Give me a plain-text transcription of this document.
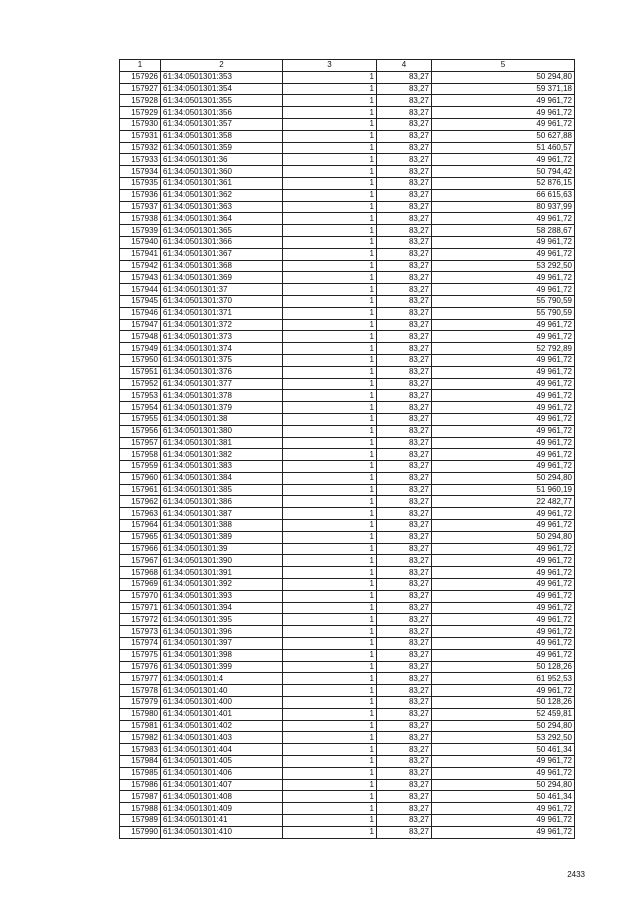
1	2	3	4	5
157926	61:34:0501301:353	1	83,27	50 294,80
157927	61:34:0501301:354	1	83,27	59 371,18
157928	61:34:0501301:355	1	83,27	49 961,72
157929	61:34:0501301:356	1	83,27	49 961,72
157930	61:34:0501301:357	1	83,27	49 961,72
157931	61:34:0501301:358	1	83,27	50 627,88
157932	61:34:0501301:359	1	83,27	51 460,57
157933	61:34:0501301:36	1	83,27	49 961,72
157934	61:34:0501301:360	1	83,27	50 794,42
157935	61:34:0501301:361	1	83,27	52 876,15
157936	61:34:0501301:362	1	83,27	66 615,63
157937	61:34:0501301:363	1	83,27	80 937,99
157938	61:34:0501301:364	1	83,27	49 961,72
157939	61:34:0501301:365	1	83,27	58 288,67
157940	61:34:0501301:366	1	83,27	49 961,72
157941	61:34:0501301:367	1	83,27	49 961,72
157942	61:34:0501301:368	1	83,27	53 292,50
157943	61:34:0501301:369	1	83,27	49 961,72
157944	61:34:0501301:37	1	83,27	49 961,72
157945	61:34:0501301:370	1	83,27	55 790,59
157946	61:34:0501301:371	1	83,27	55 790,59
157947	61:34:0501301:372	1	83,27	49 961,72
157948	61:34:0501301:373	1	83,27	49 961,72
157949	61:34:0501301:374	1	83,27	52 792,89
157950	61:34:0501301:375	1	83,27	49 961,72
157951	61:34:0501301:376	1	83,27	49 961,72
157952	61:34:0501301:377	1	83,27	49 961,72
157953	61:34:0501301:378	1	83,27	49 961,72
157954	61:34:0501301:379	1	83,27	49 961,72
157955	61:34:0501301:38	1	83,27	49 961,72
157956	61:34:0501301:380	1	83,27	49 961,72
157957	61:34:0501301:381	1	83,27	49 961,72
157958	61:34:0501301:382	1	83,27	49 961,72
157959	61:34:0501301:383	1	83,27	49 961,72
157960	61:34:0501301:384	1	83,27	50 294,80
157961	61:34:0501301:385	1	83,27	51 960,19
157962	61:34:0501301:386	1	83,27	22 482,77
157963	61:34:0501301:387	1	83,27	49 961,72
157964	61:34:0501301:388	1	83,27	49 961,72
157965	61:34:0501301:389	1	83,27	50 294,80
157966	61:34:0501301:39	1	83,27	49 961,72
157967	61:34:0501301:390	1	83,27	49 961,72
157968	61:34:0501301:391	1	83,27	49 961,72
157969	61:34:0501301:392	1	83,27	49 961,72
157970	61:34:0501301:393	1	83,27	49 961,72
157971	61:34:0501301:394	1	83,27	49 961,72
157972	61:34:0501301:395	1	83,27	49 961,72
157973	61:34:0501301:396	1	83,27	49 961,72
157974	61:34:0501301:397	1	83,27	49 961,72
157975	61:34:0501301:398	1	83,27	49 961,72
157976	61:34:0501301:399	1	83,27	50 128,26
157977	61:34:0501301:4	1	83,27	61 952,53
157978	61:34:0501301:40	1	83,27	49 961,72
157979	61:34:0501301:400	1	83,27	50 128,26
157980	61:34:0501301:401	1	83,27	52 459,81
157981	61:34:0501301:402	1	83,27	50 294,80
157982	61:34:0501301:403	1	83,27	53 292,50
157983	61:34:0501301:404	1	83,27	50 461,34
157984	61:34:0501301:405	1	83,27	49 961,72
157985	61:34:0501301:406	1	83,27	49 961,72
157986	61:34:0501301:407	1	83,27	50 294,80
157987	61:34:0501301:408	1	83,27	50 461,34
157988	61:34:0501301:409	1	83,27	49 961,72
157989	61:34:0501301:41	1	83,27	49 961,72
157990	61:34:0501301:410	1	83,27	49 961,72
2433
